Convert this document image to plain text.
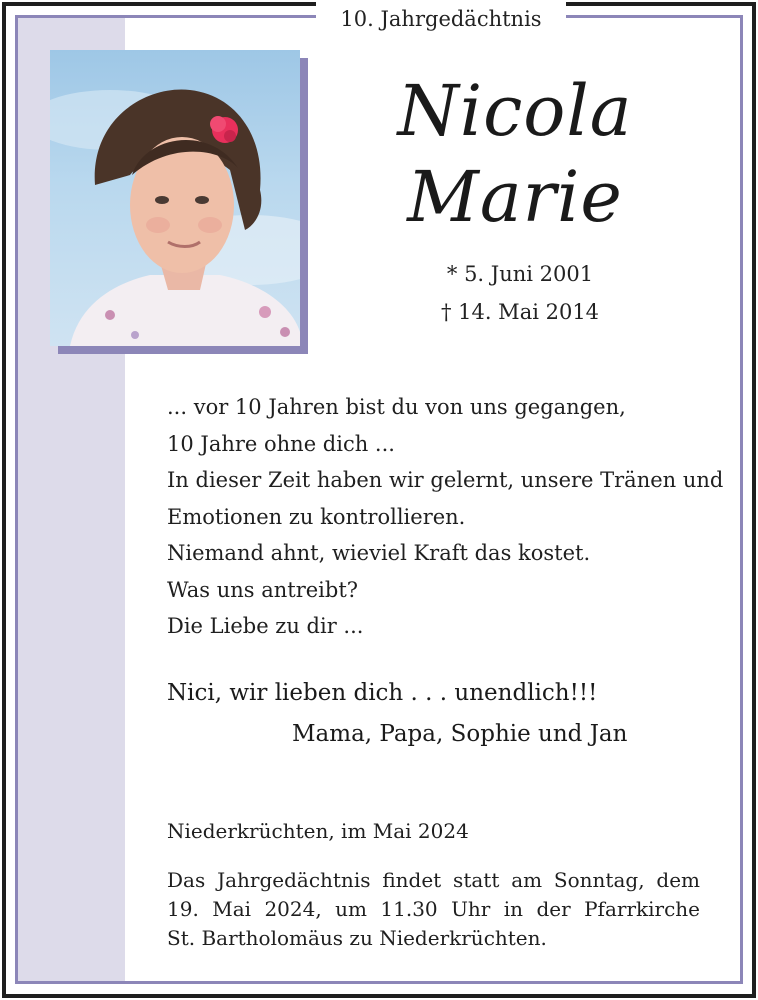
10. Jahrgedächtnis
Nicola
Marie
* 5. Juni 2001
† 14. Mai 2014
... vor 10 Jahren bist du von uns gegangen,
10 Jahre ohne dich ...
In dieser Zeit haben wir gelernt, unsere Tränen und
Emotionen zu kontrollieren.
Niemand ahnt, wieviel Kraft das kostet.
Was uns antreibt?
Die Liebe zu dir ...
Nici, wir lieben dich . . . unendlich!!!
Mama, Papa, Sophie und Jan
Niederkrüchten, im Mai 2024
Das Jahrgedächtnis findet statt am Sonntag, dem
19. Mai 2024, um 11.30 Uhr in der Pfarrkirche
St. Bartholomäus zu Niederkrüchten.
